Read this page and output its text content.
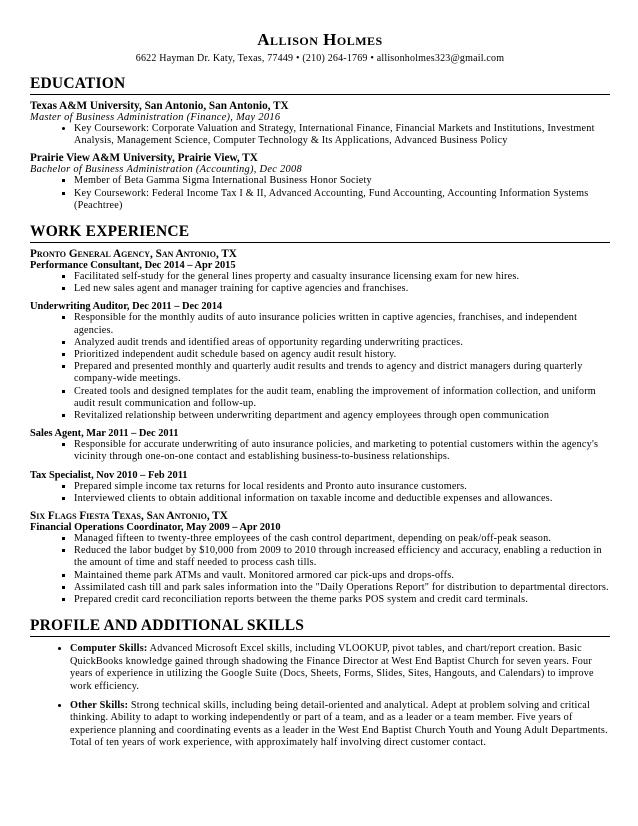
Allison Holmes
6622 Hayman Dr. Katy, Texas, 77449 • (210) 264-1769 • allisonholmes323@gmail.com
EDUCATION
Texas A&M University, San Antonio, San Antonio, TX
Master of Business Administration (Finance), May 2016
• Key Coursework: Corporate Valuation and Strategy, International Finance, Financial Markets and Institutions, Investment Analysis, Management Science, Computer Technology & Its Applications, Advanced Business Policy
Prairie View A&M University, Prairie View, TX
Bachelor of Business Administration (Accounting), Dec 2008
▪ Member of Beta Gamma Sigma International Business Honor Society
▪ Key Coursework: Federal Income Tax I & II, Advanced Accounting, Fund Accounting, Accounting Information Systems (Peachtree)
WORK EXPERIENCE
Pronto General Agency, San Antonio, TX
Performance Consultant, Dec 2014 – Apr 2015
▪ Facilitated self-study for the general lines property and casualty insurance licensing exam for new hires.
▪ Led new sales agent and manager training for captive agencies and franchises.
Underwriting Auditor, Dec 2011 – Dec 2014
▪ Responsible for the monthly audits of auto insurance policies written in captive agencies, franchises, and independent agencies.
▪ Analyzed audit trends and identified areas of opportunity regarding underwriting practices.
▪ Prioritized independent audit schedule based on agency audit result history.
▪ Prepared and presented monthly and quarterly audit results and trends to agency and district managers during quarterly company-wide meetings.
▪ Created tools and designed templates for the audit team, enabling the improvement of information collection, and uniform audit result communication and follow-up.
▪ Revitalized relationship between underwriting department and agency employees through open communication
Sales Agent, Mar 2011 – Dec 2011
▪ Responsible for accurate underwriting of auto insurance policies, and marketing to potential customers within the agency's vicinity through one-on-one contact and establishing business-to-business relationships.
Tax Specialist, Nov 2010 – Feb 2011
▪ Prepared simple income tax returns for local residents and Pronto auto insurance customers.
▪ Interviewed clients to obtain additional information on taxable income and deductible expenses and allowances.
Six Flags Fiesta Texas, San Antonio, TX
Financial Operations Coordinator, May 2009 – Apr 2010
▪ Managed fifteen to twenty-three employees of the cash control department, depending on peak/off-peak season.
▪ Reduced the labor budget by $10,000 from 2009 to 2010 through increased efficiency and accuracy, enabling a reduction in the amount of time and staff needed to process cash tills.
▪ Maintained theme park ATMs and vault. Monitored armored car pick-ups and drops-offs.
▪ Assimilated cash till and park sales information into the "Daily Operations Report" for distribution to departmental directors.
▪ Prepared credit card reconciliation reports between the theme parks POS system and credit card terminals.
PROFILE AND ADDITIONAL SKILLS
• Computer Skills: Advanced Microsoft Excel skills, including VLOOKUP, pivot tables, and chart/report creation. Basic QuickBooks knowledge gained through shadowing the Finance Director at West End Baptist Church for seven years. Four years of experience in utilizing the Google Suite (Docs, Sheets, Forms, Slides, Sites, Hangouts, and Calendars) to improve work efficiency.
• Other Skills: Strong technical skills, including being detail-oriented and analytical. Adept at problem solving and critical thinking. Ability to adapt to working independently or part of a team, and as a leader or a team member. Five years of experience planning and coordinating events as a leader in the West End Baptist Church Youth and Young Adult Departments. Total of ten years of work experience, with approximately half involving direct customer contact.
